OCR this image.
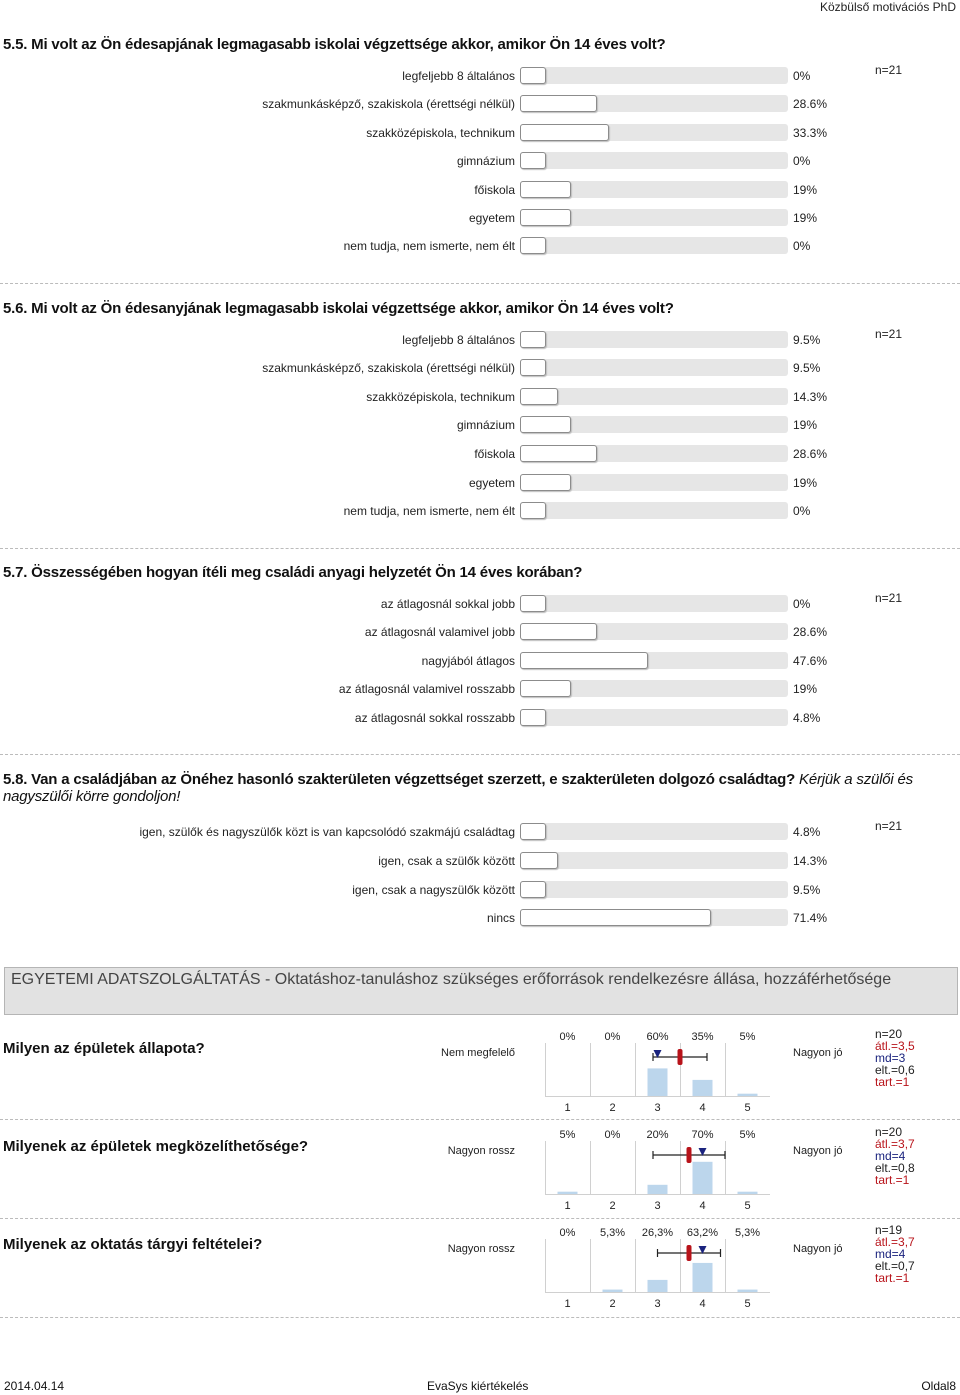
Közbülső motivációs PhD
5.5. Mi volt az Ön édesapjának legmagasabb iskolai végzettsége akkor, amikor Ön 14 éves volt?
n=21
legfeljebb 8 általános	0%
szakmunkásképző, szakiskola (érettségi nélkül)	28.6%
szakközépiskola, technikum	33.3%
gimnázium	0%
főiskola	19%
egyetem	19%
nem tudja, nem ismerte, nem élt	0%
5.6. Mi volt az Ön édesanyjának legmagasabb iskolai végzettsége akkor, amikor Ön 14 éves volt?
n=21
legfeljebb 8 általános	9.5%
szakmunkásképző, szakiskola (érettségi nélkül)	9.5%
szakközépiskola, technikum	14.3%
gimnázium	19%
főiskola	28.6%
egyetem	19%
nem tudja, nem ismerte, nem élt	0%
5.7. Összességében hogyan ítéli meg családi anyagi helyzetét Ön 14 éves korában?
n=21
az átlagosnál sokkal jobb	0%
az átlagosnál valamivel jobb	28.6%
nagyjából átlagos	47.6%
az átlagosnál valamivel rosszabb	19%
az átlagosnál sokkal rosszabb	4.8%
5.8. Van a családjában az Önéhez hasonló szakterületen végzettséget szerzett, e szakterületen dolgozó családtag? Kérjük a szülői és nagyszülői körre gondoljon!
n=21
igen, szülők és nagyszülők közt is van kapcsolódó szakmájú családtag	4.8%
igen, csak a szülők között	14.3%
igen, csak a nagyszülők között	9.5%
nincs	71.4%
EGYETEMI ADATSZOLGÁLTATÁS - Oktatáshoz-tanuláshoz szükséges erőforrások rendelkezésre állása, hozzáférhetősége
Milyen az épületek állapota?	Nem megfelelő	Nagyon jó
0%
1
0%
2
60%
3
35%
4
5%
5
n=20
átl.=3,5
md=3
elt.=0,6
tart.=1
Milyenek az épületek megközelíthetősége?	Nagyon rossz	Nagyon jó
5%
1
0%
2
20%
3
70%
4
5%
5
n=20
átl.=3,7
md=4
elt.=0,8
tart.=1
Milyenek az oktatás tárgyi feltételei?	Nagyon rossz	Nagyon jó
0%
1
5,3%
2
26,3%
3
63,2%
4
5,3%
5
n=19
átl.=3,7
md=4
elt.=0,7
tart.=1
2014.04.14	EvaSys kiértékelés	Oldal8
